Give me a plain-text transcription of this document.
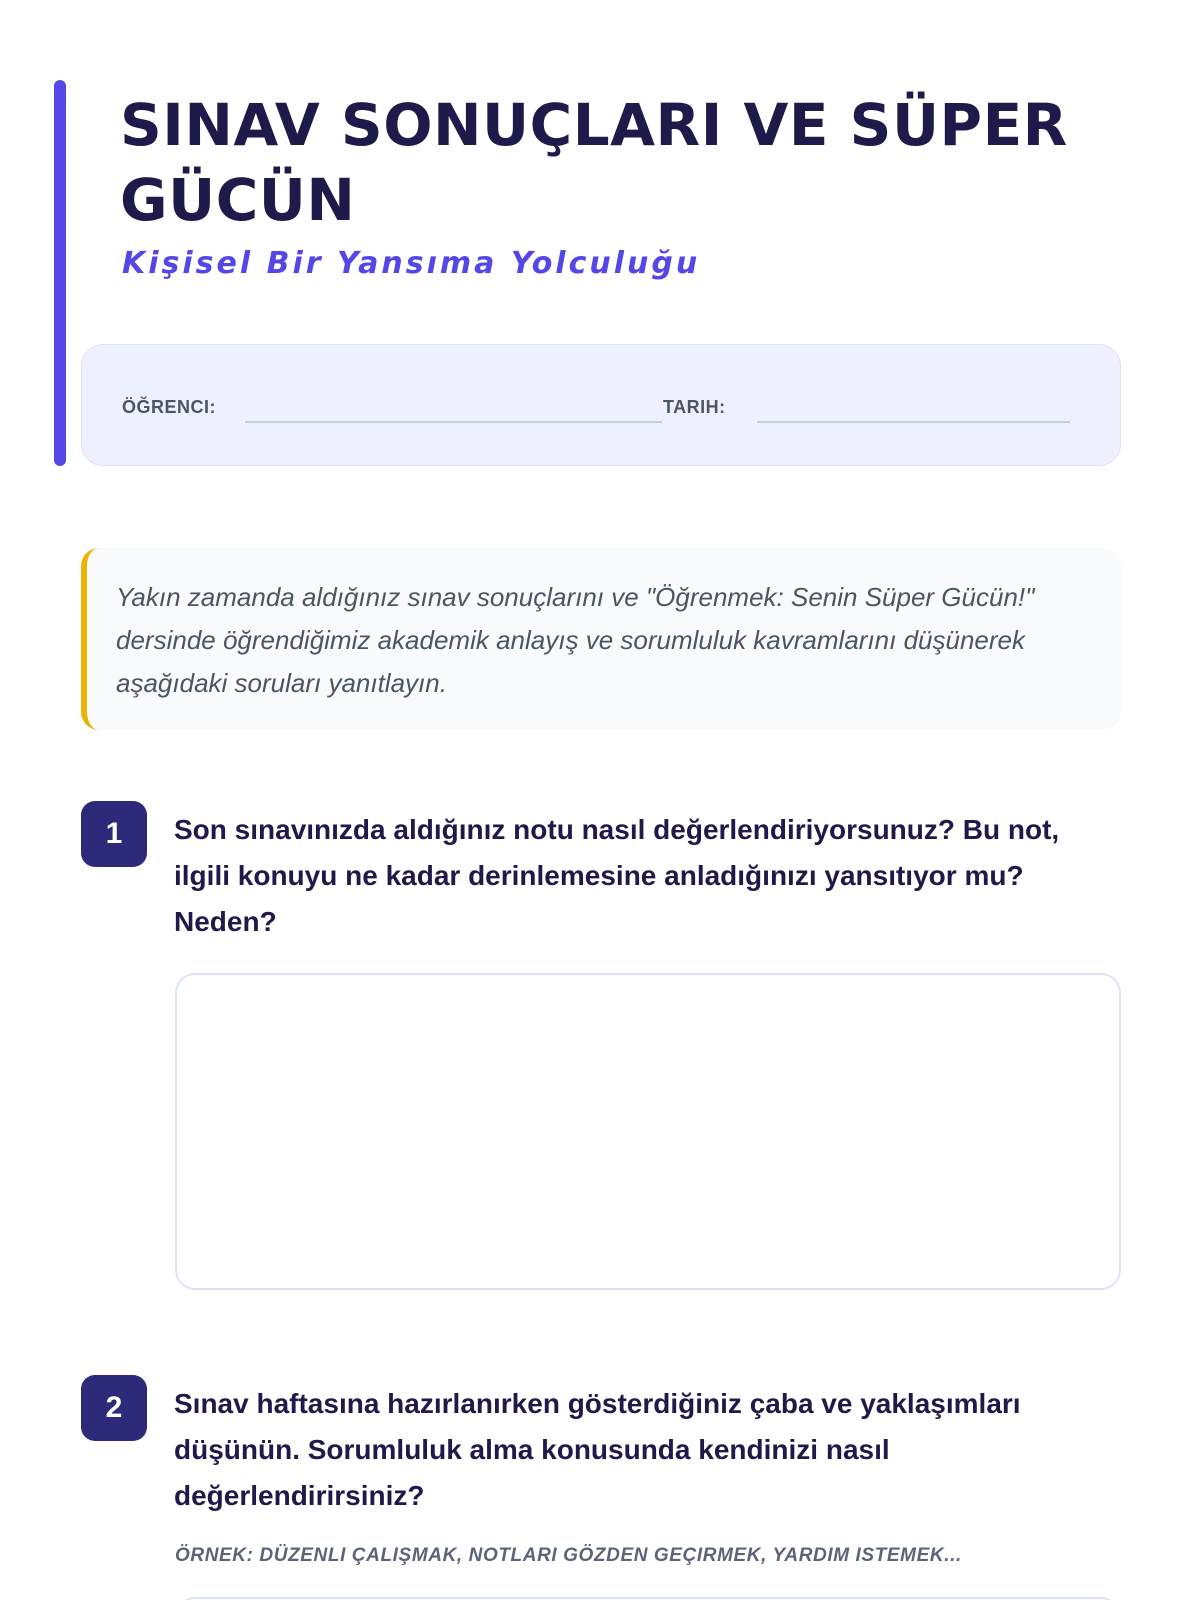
SINAV SONUÇLARI VE SÜPER GÜCÜN
Kişisel Bir Yansıma Yolculuğu
ÖĞRENCI:	TARIH:

Yakın zamanda aldığınız sınav sonuçlarını ve "Öğrenmek: Senin Süper Gücün!" dersinde öğrendiğimiz akademik anlayış ve sorumluluk kavramlarını düşünerek aşağıdaki soruları yanıtlayın.

1	Son sınavınızda aldığınız notu nasıl değerlendiriyorsunuz? Bu not, ilgili konuyu ne kadar derinlemesine anladığınızı yansıtıyor mu? Neden?
2	Sınav haftasına hazırlanırken gösterdiğiniz çaba ve yaklaşımları düşünün. Sorumluluk alma konusunda kendinizi nasıl değerlendirirsiniz?
ÖRNEK: DÜZENLI ÇALIŞMAK, NOTLARI GÖZDEN GEÇIRMEK, YARDIM ISTEMEK...
